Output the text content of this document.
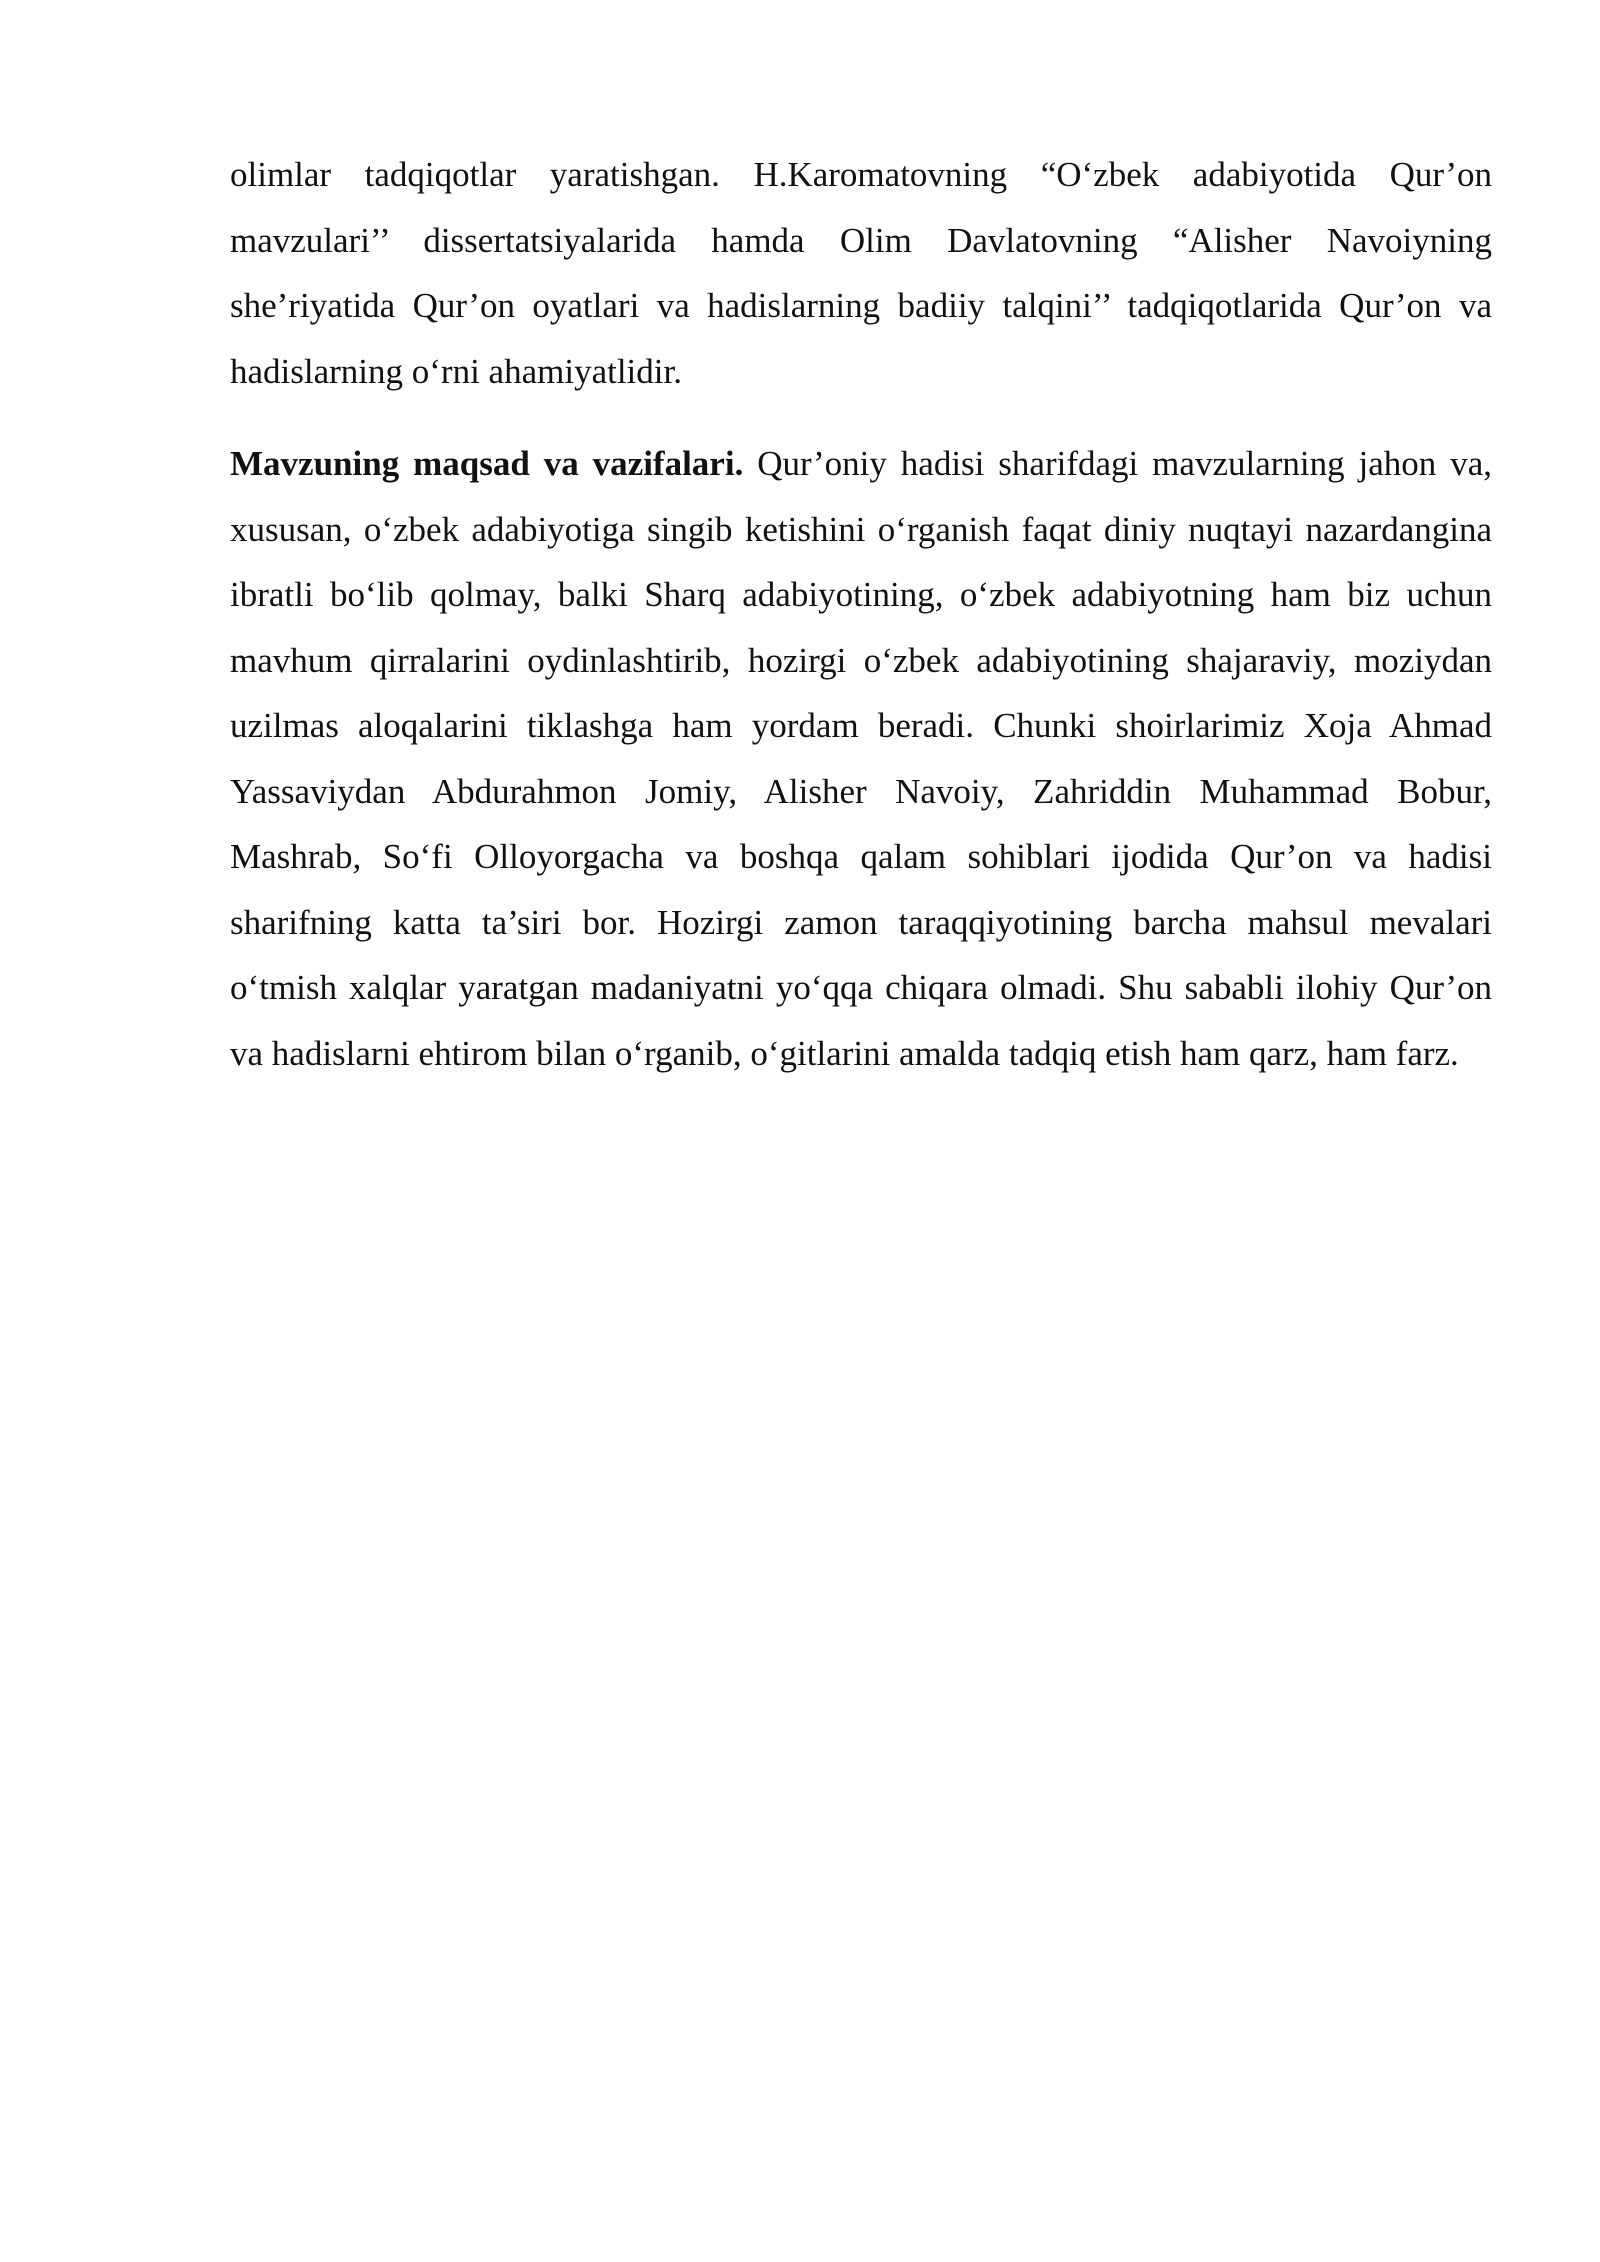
olimlar tadqiqotlar yaratishgan. H.Karomatovning “O‘zbek adabiyotida Qur’on mavzulari’’ dissertatsiyalarida hamda Olim Davlatovning “Alisher Navoiyning she’riyatida Qur’on oyatlari va hadislarning badiiy talqini’’ tadqiqotlarida Qur’on va hadislarning o‘rni ahamiyatlidir.

Mavzuning maqsad va vazifalari. Qur’oniy hadisi sharifdagi mavzularning jahon va, xususan, o‘zbek adabiyotiga singib ketishini o‘rganish faqat diniy nuqtayi nazardangina ibratli bo‘lib qolmay, balki Sharq adabiyotining, o‘zbek adabiyotning ham biz uchun mavhum qirralarini oydinlashtirib, hozirgi o‘zbek adabiyotining shajaraviy, moziydan uzilmas aloqalarini tiklashga ham yordam beradi. Chunki shoirlarimiz Xoja Ahmad Yassaviydan Abdurahmon Jomiy, Alisher Navoiy, Zahriddin Muhammad Bobur, Mashrab, So‘fi Olloyorgacha va boshqa qalam sohiblari ijodida Qur’on va hadisi sharifning katta ta’siri bor. Hozirgi zamon taraqqiyotining barcha mahsul mevalari o‘tmish xalqlar yaratgan madaniyatni yo‘qqa chiqara olmadi. Shu sababli ilohiy Qur’on va hadislarni ehtirom bilan o‘rganib, o‘gitlarini amalda tadqiq etish ham qarz, ham farz.
